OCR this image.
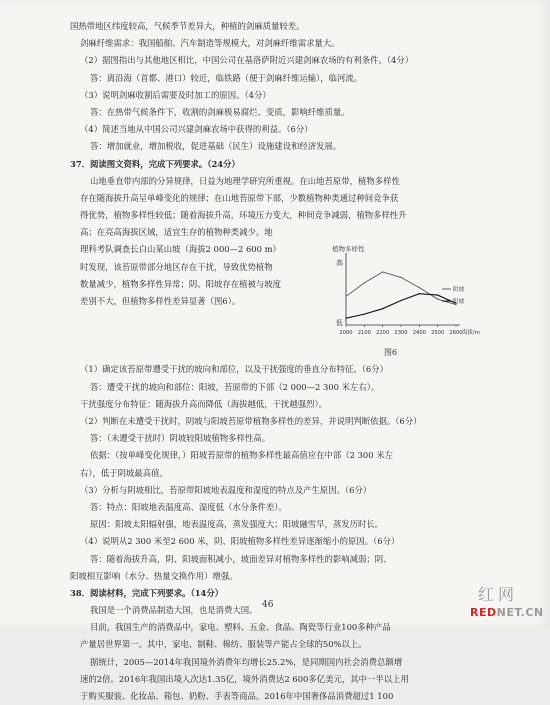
国热带地区纬度较高，气候季节差异大，种植的剑麻质量较差。
剑麻纤维需求：我国船舶、汽车制造等规模大，对剑麻纤维需求量大。
（2）据图指出与其他地区相比，中国公司在基洛萨附近兴建剑麻农场的有利条件。（4分）
答：离沿海（首都、港口）较近，临铁路（便于剑麻纤维运输），临河流。
（3）说明剑麻收割后需要及时加工的原因。（4分）
答：在热带气候条件下，收割的剑麻极易腐烂、变质，影响纤维质量。
（4）简述当地从中国公司兴建剑麻农场中获得的利益。（6分）
答：增加就业，增加税收，促进基础（民生）设施建设和经济发展。
37．阅读图文资料，完成下列要求。（24分）
山地垂直带内部的分异规律，日益为地理学研究所重视。在山地苔原带，植物多样性
存在随海拔升高呈单峰变化的规律；在山地苔原带下部，少数植物种类通过种间竞争获
得优势，植物多样性较低；随着海拔升高，环境压力变大，种间竞争减弱，植物多样性升
高；在亮高海拔区域，适宜生存的植物种类减少。地
理科考队调查长白山某山坡（海拔2 000—2 600 m）
时发现，该苔原带部分地区存在干扰，导致优势植物
数量减少，植物多样性异常；阴、阳坡存在植被与坡度
差别不大，但植物多样性差异显著（图6）。
植物多样性
高
低
2000 2100 2200 2300 2400 2500 2600 海拔/m
阴坡
阳坡
图6
（1）确定该苔原带遭受干扰的坡向和部位，以及干扰强度的垂直分布特征。（6分）
答：遭受干扰的坡向和部位：阳坡，苔原带的下部（2 000—2 300 米左右）。
干扰强度分布特征：随海拔升高而降低（海拔越低，干扰越强烈）。
（2）判断在未遭受干扰时，阴坡与阳坡苔原带植物多样性的差异，并说明判断依据。（6分）
答：（未遭受干扰时）阴坡较阳坡植物多样性高。
依据：（按单峰变化规律，）阳坡苔原带的植物多样性最高值应在中部（2 300 米左
右），低于阴坡最高值。
（3）分析与阴坡相比，苔原带阳坡地表温度和湿度的特点及产生原因。（6分）
答：特点：阳坡地表温度高、湿度低（水分条件差）。
原因：阳坡太阳辐射强，地表温度高，蒸发强度大；阳坡融雪早，蒸发历时长。
（4）说明从2 300 米至2 600 米，阴、阳坡植物多样性差异逐渐缩小的原因。（6分）
答：随着海拔升高，阴、阳坡面积减小，坡面差异对植物多样性的影响减弱；阴、
阳坡相互影响（水分、热量交换作用）增强。
38．阅读材料，完成下列要求。（14分）
我国是一个消费品制造大国，也是消费大国。
目前，我国生产的消费品中，家电、塑料、五金、食品、陶瓷等行业100多种产品
产量居世界第一。其中，家电、制鞋、棉纺、服装等产能占全球的50%以上。
据统计，2005—2014年我国境外消费年均增长25.2%，是同期国内社会消费总额增
速的2倍。2016年我国出境人次达1.35亿，境外消费达2 600多亿美元，其中一半以上用
于购买服装、化妆品、箱包、奶粉、手表等商品。2016年中国奢侈品消费超过1 100
46
红网
REDNET.CN
